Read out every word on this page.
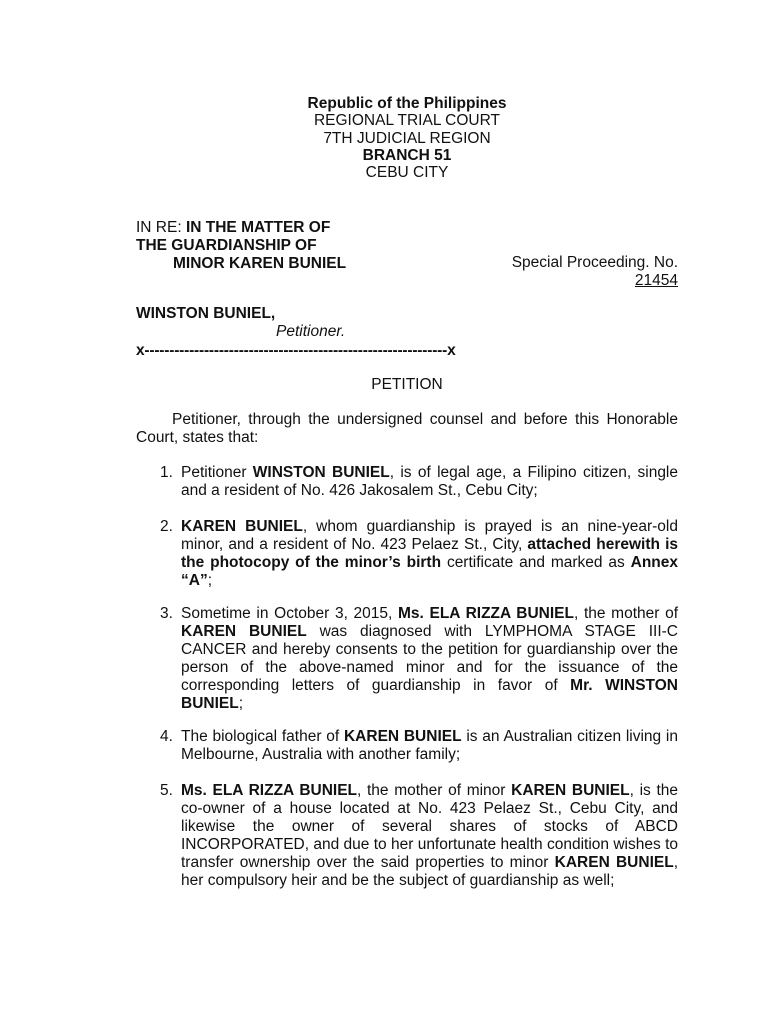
Republic of the Philippines
REGIONAL TRIAL COURT
7TH JUDICIAL REGION
BRANCH 51
CEBU CITY
IN RE: IN THE MATTER OF
THE GUARDIANSHIP OF
MINOR KAREN BUNIEL	Special Proceeding. No.
21454
WINSTON BUNIEL,
Petitioner.
x-------------------------------------------------------------x
PETITION
Petitioner, through the undersigned counsel and before this Honorable Court, states that:
1. Petitioner WINSTON BUNIEL, is of legal age, a Filipino citizen, single and a resident of No. 426 Jakosalem St., Cebu City;
2. KAREN BUNIEL, whom guardianship is prayed is an nine-year-old minor, and a resident of No. 423 Pelaez St., City, attached herewith is the photocopy of the minor’s birth certificate and marked as Annex “A”;
3. Sometime in October 3, 2015, Ms. ELA RIZZA BUNIEL, the mother of KAREN BUNIEL was diagnosed with LYMPHOMA STAGE III-C CANCER and hereby consents to the petition for guardianship over the person of the above-named minor and for the issuance of the corresponding letters of guardianship in favor of Mr. WINSTON BUNIEL;
4. The biological father of KAREN BUNIEL is an Australian citizen living in Melbourne, Australia with another family;
5. Ms. ELA RIZZA BUNIEL, the mother of minor KAREN BUNIEL, is the co-owner of a house located at No. 423 Pelaez St., Cebu City, and likewise the owner of several shares of stocks of ABCD INCORPORATED, and due to her unfortunate health condition wishes to transfer ownership over the said properties to minor KAREN BUNIEL, her compulsory heir and be the subject of guardianship as well;
